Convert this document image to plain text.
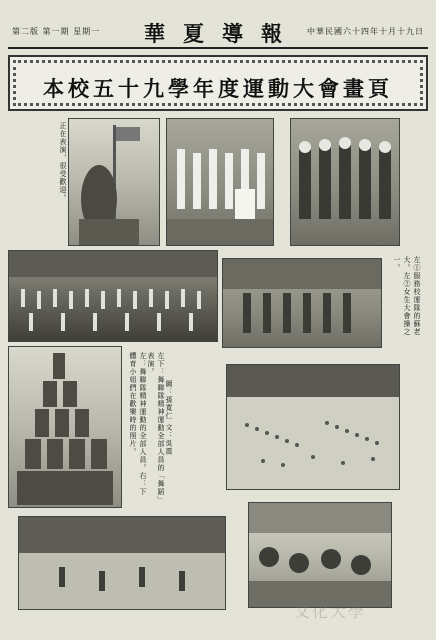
第二版 第一期 星期一 華夏導報 中華民國六十四年十月十九日
本校五十九學年度運動大會畫頁
正在表演，很受歡迎。
左①服務校運隊的蘇老大。左②女生大會操之一。
左：舞聯隊精神運動的全部人員。右：下體育小姐們在歡樂時的照片。	左下：舞聯隊精神運動全部人員的「舞蹈」表演。
圖：孫寬仁 文：吳震
文化大學
